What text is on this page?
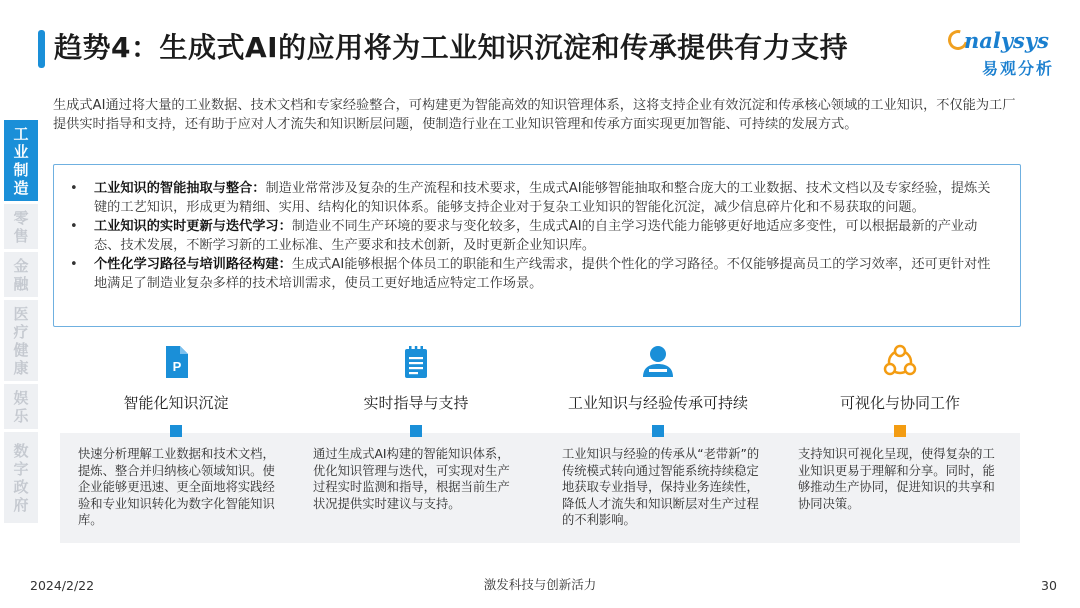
趋势4：生成式AI的应用将为工业知识沉淀和传承提供有力支持	nalysys
易观分析
生成式AI通过将大量的工业数据、技术文档和专家经验整合，可构建更为智能高效的知识管理体系，这将支持企业有效沉淀和传承核心领域的工业知识，不仅能为工厂提供实时指导和支持，还有助于应对人才流失和知识断层问题，使制造行业在工业知识管理和传承方面实现更加智能、可持续的发展方式。
工业制造
零售
金融
医疗健康
娱乐
数字政府
• 工业知识的智能抽取与整合：制造业常常涉及复杂的生产流程和技术要求，生成式AI能够智能抽取和整合庞大的工业数据、技术文档以及专家经验，提炼关键的工艺知识，形成更为精细、实用、结构化的知识体系。能够支持企业对于复杂工业知识的智能化沉淀，减少信息碎片化和不易获取的问题。
• 工业知识的实时更新与迭代学习：制造业不同生产环境的要求与变化较多，生成式AI的自主学习迭代能力能够更好地适应多变性，可以根据最新的产业动态、技术发展，不断学习新的工业标准、生产要求和技术创新，及时更新企业知识库。
• 个性化学习路径与培训路径构建：生成式AI能够根据个体员工的职能和生产线需求，提供个性化的学习路径。不仅能够提高员工的学习效率，还可更针对性地满足了制造业复杂多样的技术培训需求，使员工更好地适应特定工作场景。
P
智能化知识沉淀	实时指导与支持	工业知识与经验传承可持续	可视化与协同工作
快速分析理解工业数据和技术文档，提炼、整合并归纳核心领域知识。使企业能够更迅速、更全面地将实践经验和专业知识转化为数字化智能知识库。
通过生成式AI构建的智能知识体系，优化知识管理与迭代，可实现对生产过程实时监测和指导，根据当前生产状况提供实时建议与支持。
工业知识与经验的传承从“老带新”的传统模式转向通过智能系统持续稳定地获取专业指导，保持业务连续性，降低人才流失和知识断层对生产过程的不利影响。
支持知识可视化呈现，使得复杂的工业知识更易于理解和分享。同时，能够推动生产协同，促进知识的共享和协同决策。
2024/2/22	激发科技与创新活力	30
